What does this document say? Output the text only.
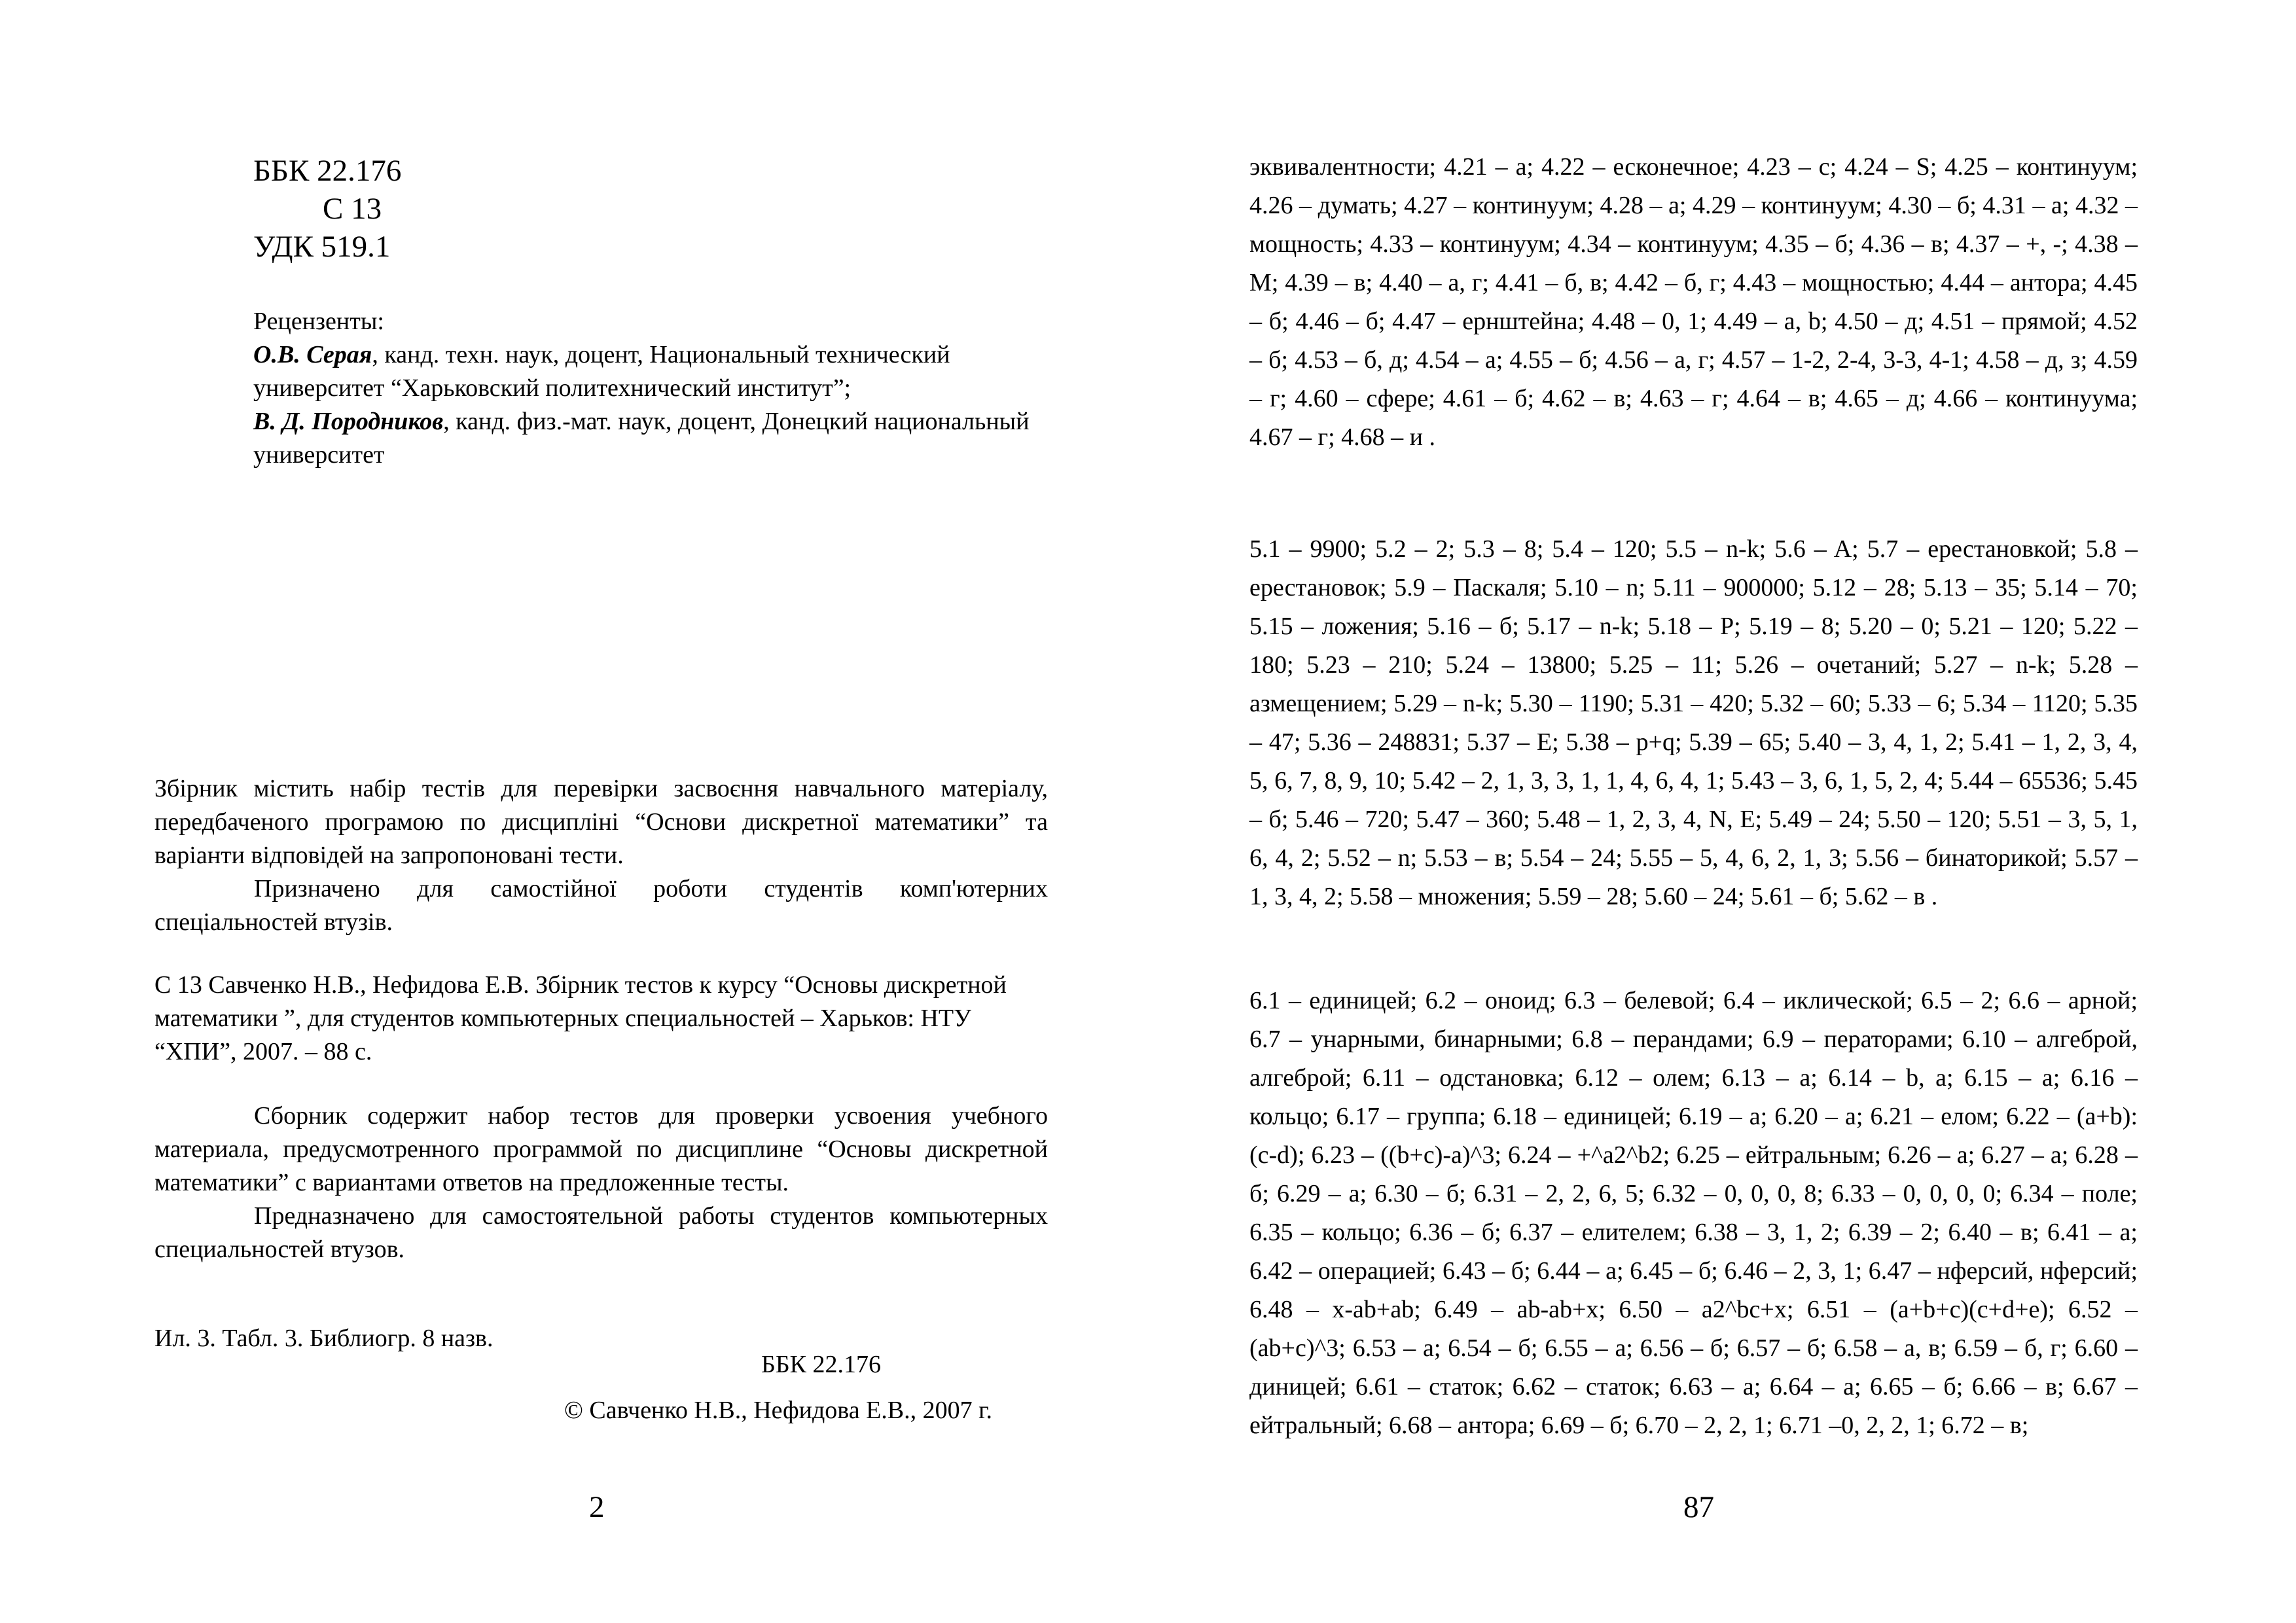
ББК 22.176
С 13
УДК 519.1
Рецензенты:
О.В. Серая, канд. техн. наук, доцент, Национальный технический университет “Харьковский политехнический институт”;
В. Д. Породников, канд. физ.-мат. наук, доцент, Донецкий национальный университет
Збірник містить набір тестів для перевірки засвоєння навчального матеріалу, передбаченого програмою по дисципліні “Основи дискретної математики” та варіанти відповідей на запропоновані тести.
Призначено для самостійної роботи студентів комп'ютерних спеціальностей втузів.
С 13 Савченко Н.В., Нефидова Е.В. Збірник тестов к курсу “Основы дискретной математики ”, для студентов компьютерных специальностей – Харьков: НТУ “ХПИ”, 2007. – 88 с.
Сборник содержит набор тестов для проверки усвоения учебного материала, предусмотренного программой по дисциплине “Основы дискретной математики” с вариантами ответов на предложенные тесты.
Предназначено для самостоятельной работы студентов компьютерных специальностей втузов.
Ил. 3. Табл. 3. Библиогр. 8 назв.
ББК 22.176
© Савченко Н.В., Нефидова Е.В., 2007 г.
2
эквивалентности; 4.21 – а; 4.22 – есконечное; 4.23 – с; 4.24 – S; 4.25 – континуум; 4.26 – думать; 4.27 – континуум; 4.28 – а; 4.29 – континуум; 4.30 – б; 4.31 – а; 4.32 – мощность; 4.33 – континуум; 4.34 – континуум; 4.35 – б; 4.36 – в; 4.37 – +, -; 4.38 – M; 4.39 – в; 4.40 – а, г; 4.41 – б, в; 4.42 – б, г; 4.43 – мощностью; 4.44 – антора; 4.45 – б; 4.46 – б; 4.47 – ернштейна; 4.48 – 0, 1; 4.49 – a, b; 4.50 – д; 4.51 – прямой; 4.52 – б; 4.53 – б, д; 4.54 – а; 4.55 – б; 4.56 – а, г; 4.57 – 1-2, 2-4, 3-3, 4-1; 4.58 – д, з; 4.59 – г; 4.60 – сфере; 4.61 – б; 4.62 – в; 4.63 – г; 4.64 – в; 4.65 – д; 4.66 – континуума; 4.67 – г; 4.68 – и .
5.1 – 9900; 5.2 – 2; 5.3 – 8; 5.4 – 120; 5.5 – n-k; 5.6 – A; 5.7 – ерестановкой; 5.8 – ерестановок; 5.9 – Паскаля; 5.10 – n; 5.11 – 900000; 5.12 – 28; 5.13 – 35; 5.14 – 70; 5.15 – ложения; 5.16 – б; 5.17 – n-k; 5.18 – P; 5.19 – 8; 5.20 – 0; 5.21 – 120; 5.22 – 180; 5.23 – 210; 5.24 – 13800; 5.25 – 11; 5.26 – очетаний; 5.27 – n-k; 5.28 – азмещением; 5.29 – n-k; 5.30 – 1190; 5.31 – 420; 5.32 – 60; 5.33 – 6; 5.34 – 1120; 5.35 – 47; 5.36 – 248831; 5.37 – E; 5.38 – p+q; 5.39 – 65; 5.40 – 3, 4, 1, 2; 5.41 – 1, 2, 3, 4, 5, 6, 7, 8, 9, 10; 5.42 – 2, 1, 3, 3, 1, 1, 4, 6, 4, 1; 5.43 – 3, 6, 1, 5, 2, 4; 5.44 – 65536; 5.45 – б; 5.46 – 720; 5.47 – 360; 5.48 – 1, 2, 3, 4, N, E; 5.49 – 24; 5.50 – 120; 5.51 – 3, 5, 1, 6, 4, 2; 5.52 – n; 5.53 – в; 5.54 – 24; 5.55 – 5, 4, 6, 2, 1, 3; 5.56 – бинаторикой; 5.57 – 1, 3, 4, 2; 5.58 – множения; 5.59 – 28; 5.60 – 24; 5.61 – б; 5.62 – в .
6.1 – единицей; 6.2 – оноид; 6.3 – белевой; 6.4 – иклической; 6.5 – 2; 6.6 – арной; 6.7 – унарными, бинарными; 6.8 – перандами; 6.9 – ператорами; 6.10 – алгеброй, алгеброй; 6.11 – одстановка; 6.12 – олем; 6.13 – a; 6.14 – b, a; 6.15 – a; 6.16 – кольцо; 6.17 – группа; 6.18 – единицей; 6.19 – а; 6.20 – а; 6.21 – елом; 6.22 – (a+b):(c-d); 6.23 – ((b+c)-a)^3; 6.24 – +^a2^b2; 6.25 – ейтральным; 6.26 – а; 6.27 – а; 6.28 – б; 6.29 – а; 6.30 – б; 6.31 – 2, 2, 6, 5; 6.32 – 0, 0, 0, 8; 6.33 – 0, 0, 0, 0; 6.34 – поле; 6.35 – кольцо; 6.36 – б; 6.37 – елителем; 6.38 – 3, 1, 2; 6.39 – 2; 6.40 – в; 6.41 – а; 6.42 – операцией; 6.43 – б; 6.44 – а; 6.45 – б; 6.46 – 2, 3, 1; 6.47 – нферсий, нферсий; 6.48 – x-ab+ab; 6.49 – ab-ab+x; 6.50 – a2^bc+x; 6.51 – (a+b+c)(c+d+e); 6.52 – (ab+c)^3; 6.53 – а; 6.54 – б; 6.55 – а; 6.56 – б; 6.57 – б; 6.58 – а, в; 6.59 – б, г; 6.60 – диницей; 6.61 – статок; 6.62 – статок; 6.63 – а; 6.64 – а; 6.65 – б; 6.66 – в; 6.67 – ейтральный; 6.68 – антора; 6.69 – б; 6.70 – 2, 2, 1; 6.71 –0, 2, 2, 1; 6.72 – в;
87
